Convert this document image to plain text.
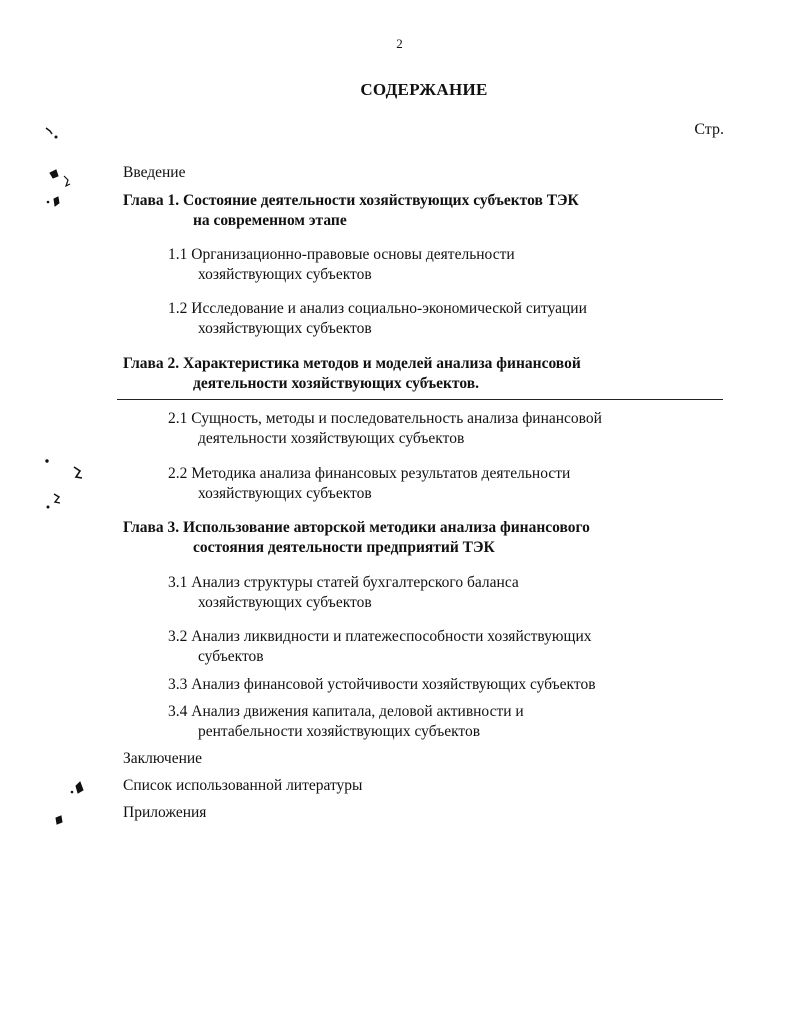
2
СОДЕРЖАНИЕ
Стр.
Введение
Глава 1. Состояние деятельности хозяйствующих субъектов ТЭК
на современном этапе
1.1 Организационно-правовые основы деятельности
хозяйствующих субъектов
1.2 Исследование и анализ социально-экономической ситуации
хозяйствующих субъектов
Глава 2. Характеристика методов и моделей анализа финансовой
деятельности хозяйствующих субъектов.
2.1 Сущность, методы и последовательность анализа финансовой
деятельности хозяйствующих субъектов
2.2 Методика анализа финансовых результатов деятельности
хозяйствующих субъектов
Глава 3. Использование авторской методики анализа финансового
состояния деятельности предприятий ТЭК
3.1 Анализ структуры статей бухгалтерского баланса
хозяйствующих субъектов
3.2 Анализ ликвидности и платежеспособности хозяйствующих
субъектов
3.3 Анализ финансовой устойчивости хозяйствующих субъектов
3.4 Анализ движения капитала, деловой активности и
рентабельности хозяйствующих субъектов
Заключение
Список использованной литературы
Приложения
